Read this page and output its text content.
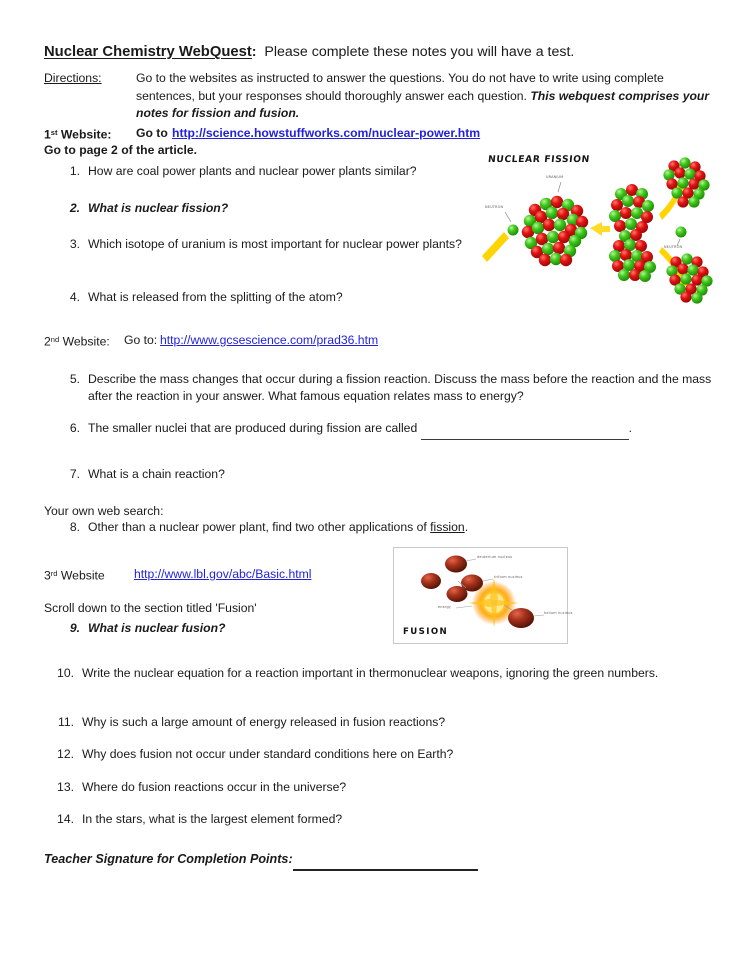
Nuclear Chemistry WebQuest: Please complete these notes you will have a test.
Directions:	Go to the websites as instructed to answer the questions. You do not have to write using complete sentences, but your responses should thoroughly answer each question. This webquest comprises your notes for fission and fusion.
1st Website: Go to http://science.howstuffworks.com/nuclear-power.htm
Go to page 2 of the article.
1. How are coal power plants and nuclear power plants similar?
2. What is nuclear fission?
3. Which isotope of uranium is most important for nuclear power plants?
4. What is released from the splitting of the atom?
2nd Website: Go to: http://www.gcsescience.com/prad36.htm
5. Describe the mass changes that occur during a fission reaction. Discuss the mass before the reaction and the mass after the reaction in your answer. What famous equation relates mass to energy?
6. The smaller nuclei that are produced during fission are called	.
7. What is a chain reaction?
Your own web search:
8. Other than a nuclear power plant, find two other applications of fission.
3rd Website http://www.lbl.gov/abc/Basic.html
Scroll down to the section titled 'Fusion'
9. What is nuclear fusion?
10. Write the nuclear equation for a reaction important in thermonuclear weapons, ignoring the green numbers.
11. Why is such a large amount of energy released in fusion reactions?
12. Why does fusion not occur under standard conditions here on Earth?
13. Where do fusion reactions occur in the universe?
14. In the stars, what is the largest element formed?
Teacher Signature for Completion Points:
NUCLEAR FISSION
NEUTRON
URANIUM
NEUTRON
deuterium nucleus
tritium nucleus
energy
helium nucleus
FUSION
